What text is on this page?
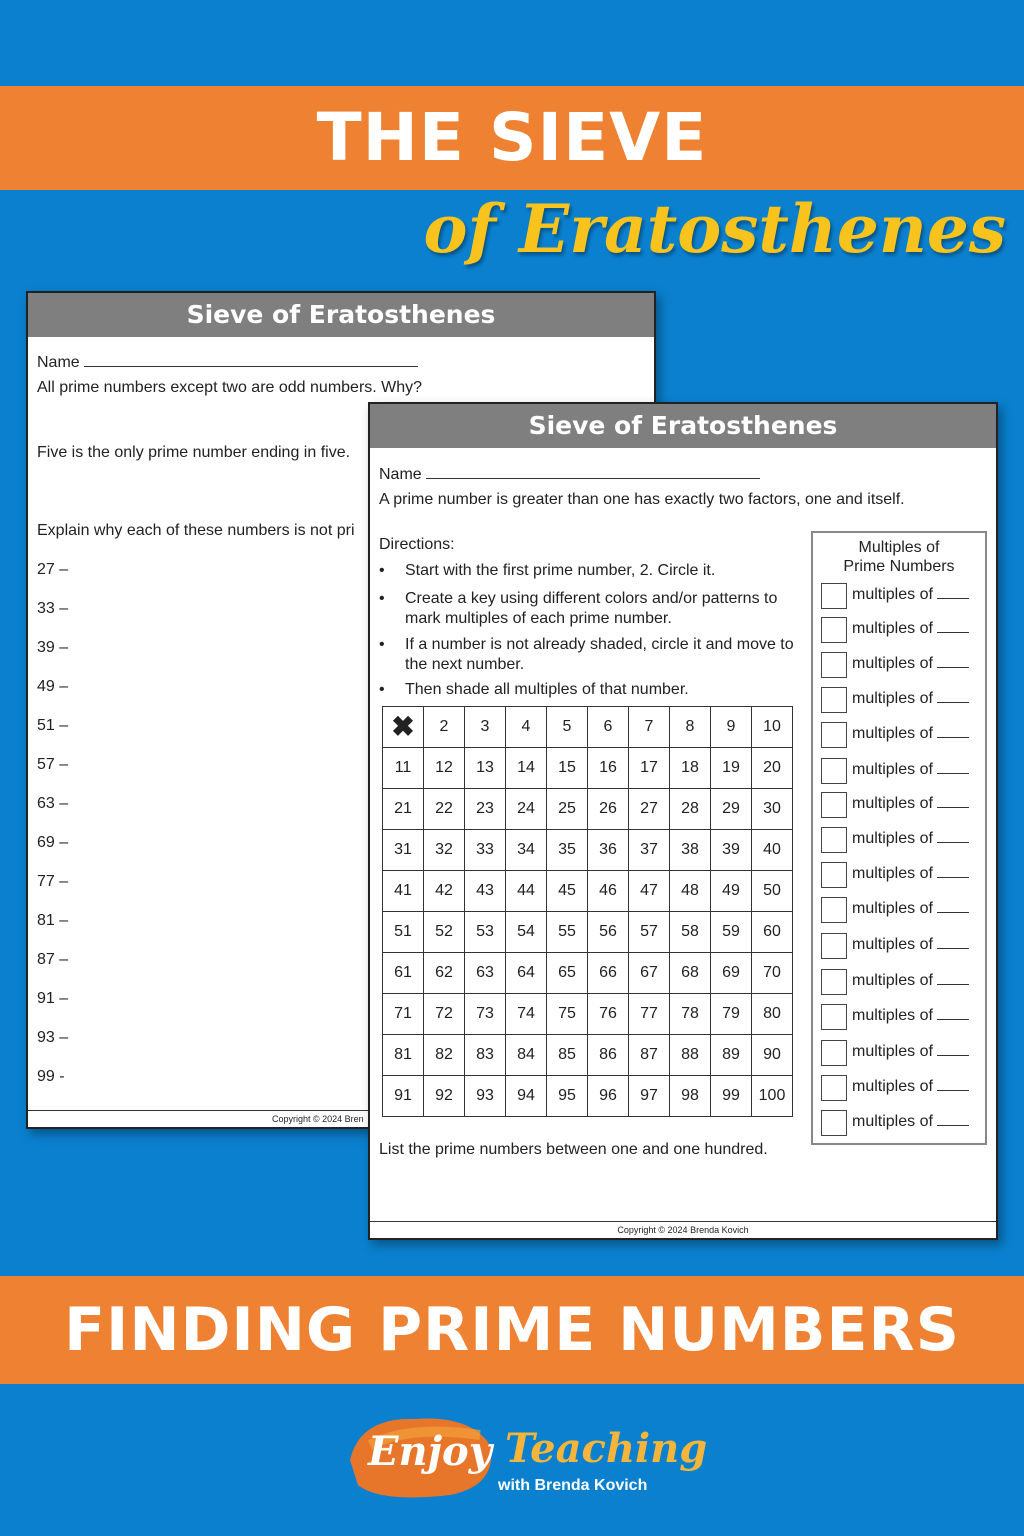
THE SIEVE
of Eratosthenes
Sieve of Eratosthenes
Name
All prime numbers except two are odd numbers. Why?
Five is the only prime number ending in five.
Explain why each of these numbers is not pri
27 –
33 –
39 –
49 –
51 –
57 –
63 –
69 –
77 –
81 –
87 –
91 –
93 –
99 -
Copyright © 2024 Bren
Sieve of Eratosthenes
Name
A prime number is greater than one has exactly two factors, one and itself.
Directions:
• Start with the first prime number, 2. Circle it.
• Create a key using different colors and/or patterns to mark multiples of each prime number.
• If a number is not already shaded, circle it and move to the next number.
• Then shade all multiples of that number.
✖	2	3	4	5	6	7	8	9	10
11	12	13	14	15	16	17	18	19	20
21	22	23	24	25	26	27	28	29	30
31	32	33	34	35	36	37	38	39	40
41	42	43	44	45	46	47	48	49	50
51	52	53	54	55	56	57	58	59	60
61	62	63	64	65	66	67	68	69	70
71	72	73	74	75	76	77	78	79	80
81	82	83	84	85	86	87	88	89	90
91	92	93	94	95	96	97	98	99	100
List the prime numbers between one and one hundred.
Multiples of
Prime Numbers
multiples of
multiples of
multiples of
multiples of
multiples of
multiples of
multiples of
multiples of
multiples of
multiples of
multiples of
multiples of
multiples of
multiples of
multiples of
multiples of
Copyright © 2024 Brenda Kovich
FINDING PRIME NUMBERS
Enjoy Teaching
with Brenda Kovich
